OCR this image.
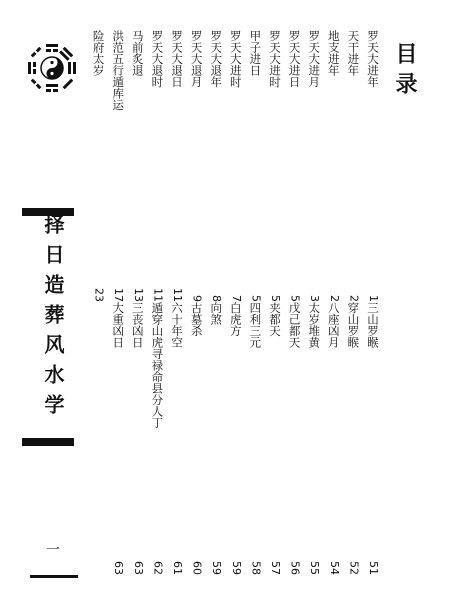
择日造葬风水学
一
目录
罗天大进年
1
三山罗睺
51
天干进年
2
穿山罗睺
52
地支进年
2
八座凶月
54
罗天大进月
3
太岁堆黄
55
罗天大进日
5
戊己都天
56
罗天大进时
5
夹都天
57
甲子进日
5
四利三元
58
罗天大进时
7
白虎方
59
罗天大退年
8
向煞
59
罗天大退月
9
古墓杀
60
罗天大退日
11
六十年空
61
罗天大退时
11
遁穿山虎寻禄命县分人丁
62
马前炙退
13
三丧凶日
63
洪范五行遁库运
17
大重凶日
63
险府太岁
23
